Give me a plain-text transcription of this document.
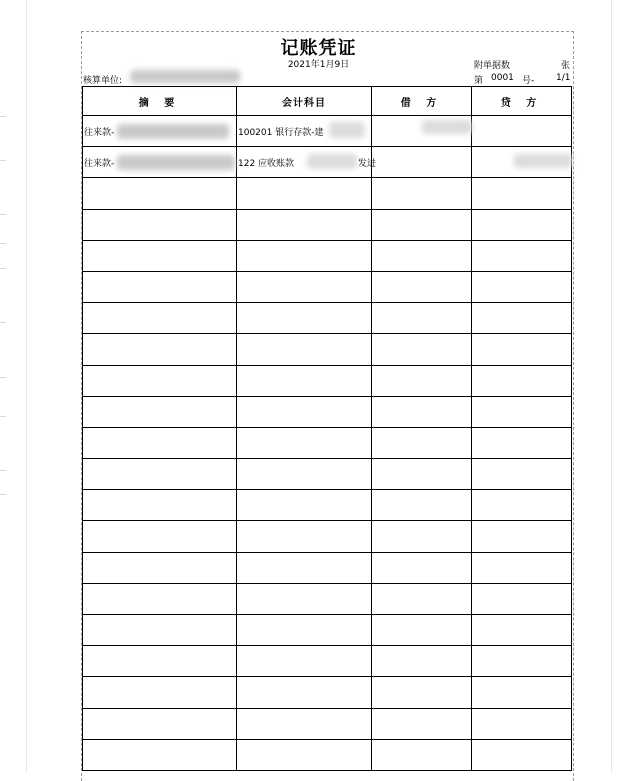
记账凭证
2021年1月9日
核算单位:
附单据数	张
第 0001 号- 1/1
摘 要	会计科目	借 方	贷 方
往来款-	100201 银行存款-建

往来款-	122 应收账款 发进		
